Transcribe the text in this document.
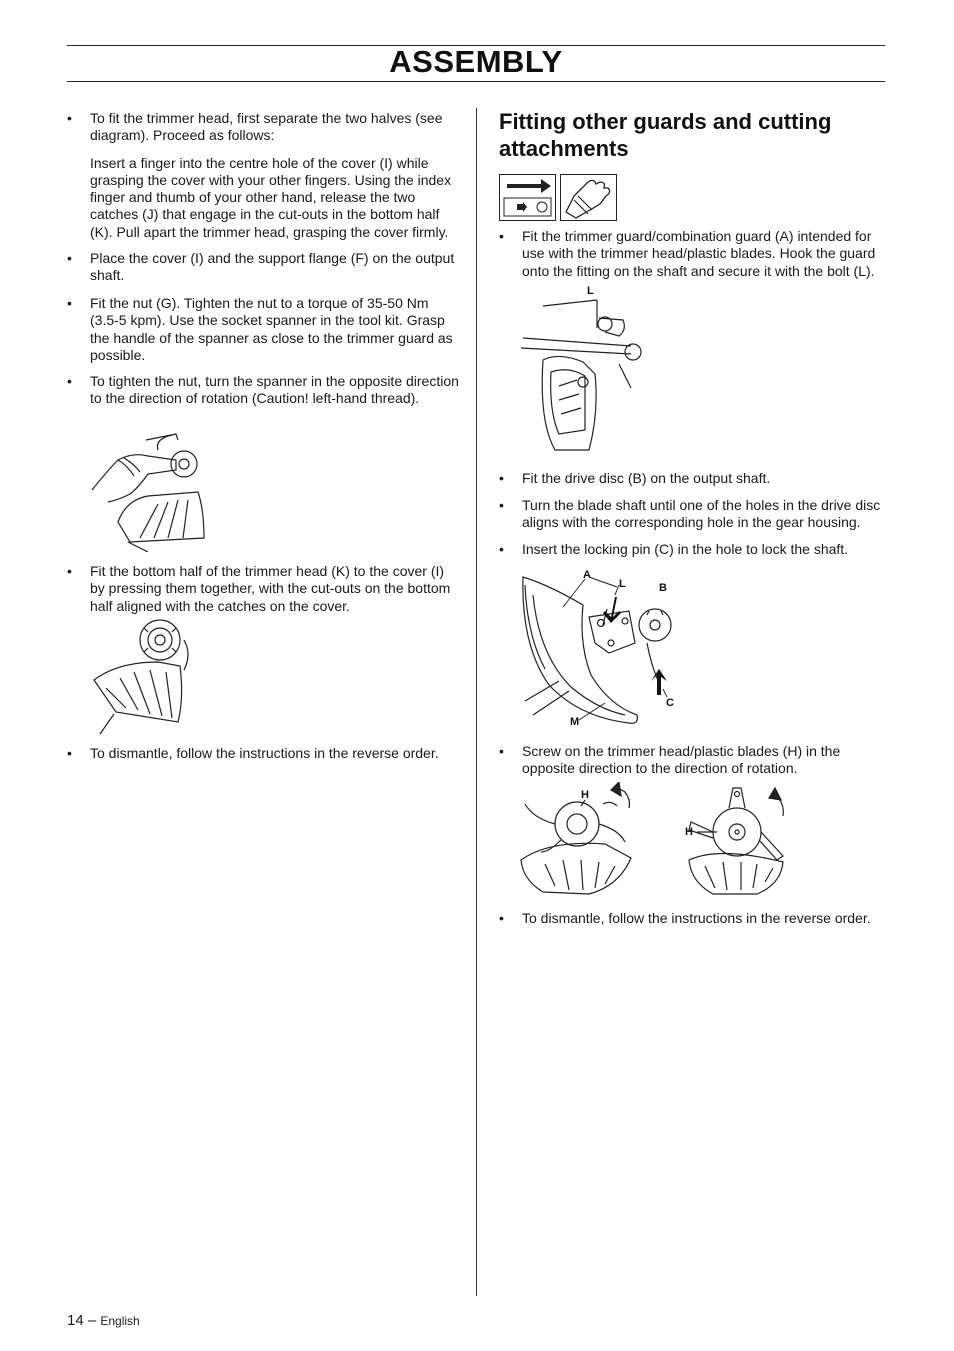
ASSEMBLY
• To fit the trimmer head, first separate the two halves (see diagram). Proceed as follows:
Insert a finger into the centre hole of the cover (I) while grasping the cover with your other fingers. Using the index finger and thumb of your other hand, release the two catches (J) that engage in the cut-outs in the bottom half (K). Pull apart the trimmer head, grasping the cover firmly.
• Place the cover (I) and the support flange (F) on the output shaft.
• Fit the nut (G). Tighten the nut to a torque of 35-50 Nm (3.5-5 kpm). Use the socket spanner in the tool kit. Grasp the handle of the spanner as close to the trimmer guard as possible.
• To tighten the nut, turn the spanner in the opposite direction to the direction of rotation (Caution! left-hand thread).
• Fit the bottom half of the trimmer head (K) to the cover (I) by pressing them together, with the cut-outs on the bottom half aligned with the catches on the cover.
• To dismantle, follow the instructions in the reverse order.
Fitting other guards and cutting attachments
• Fit the trimmer guard/combination guard (A) intended for use with the trimmer head/plastic blades. Hook the guard onto the fitting on the shaft and secure it with the bolt (L).
• Fit the drive disc (B) on the output shaft.
• Turn the blade shaft until one of the holes in the drive disc aligns with the corresponding hole in the gear housing.
• Insert the locking pin (C) in the hole to lock the shaft.
• Screw on the trimmer head/plastic blades (H) in the opposite direction to the direction of rotation.
• To dismantle, follow the instructions in the reverse order.
L
A
L	B
C
M
H
H
14 – English
